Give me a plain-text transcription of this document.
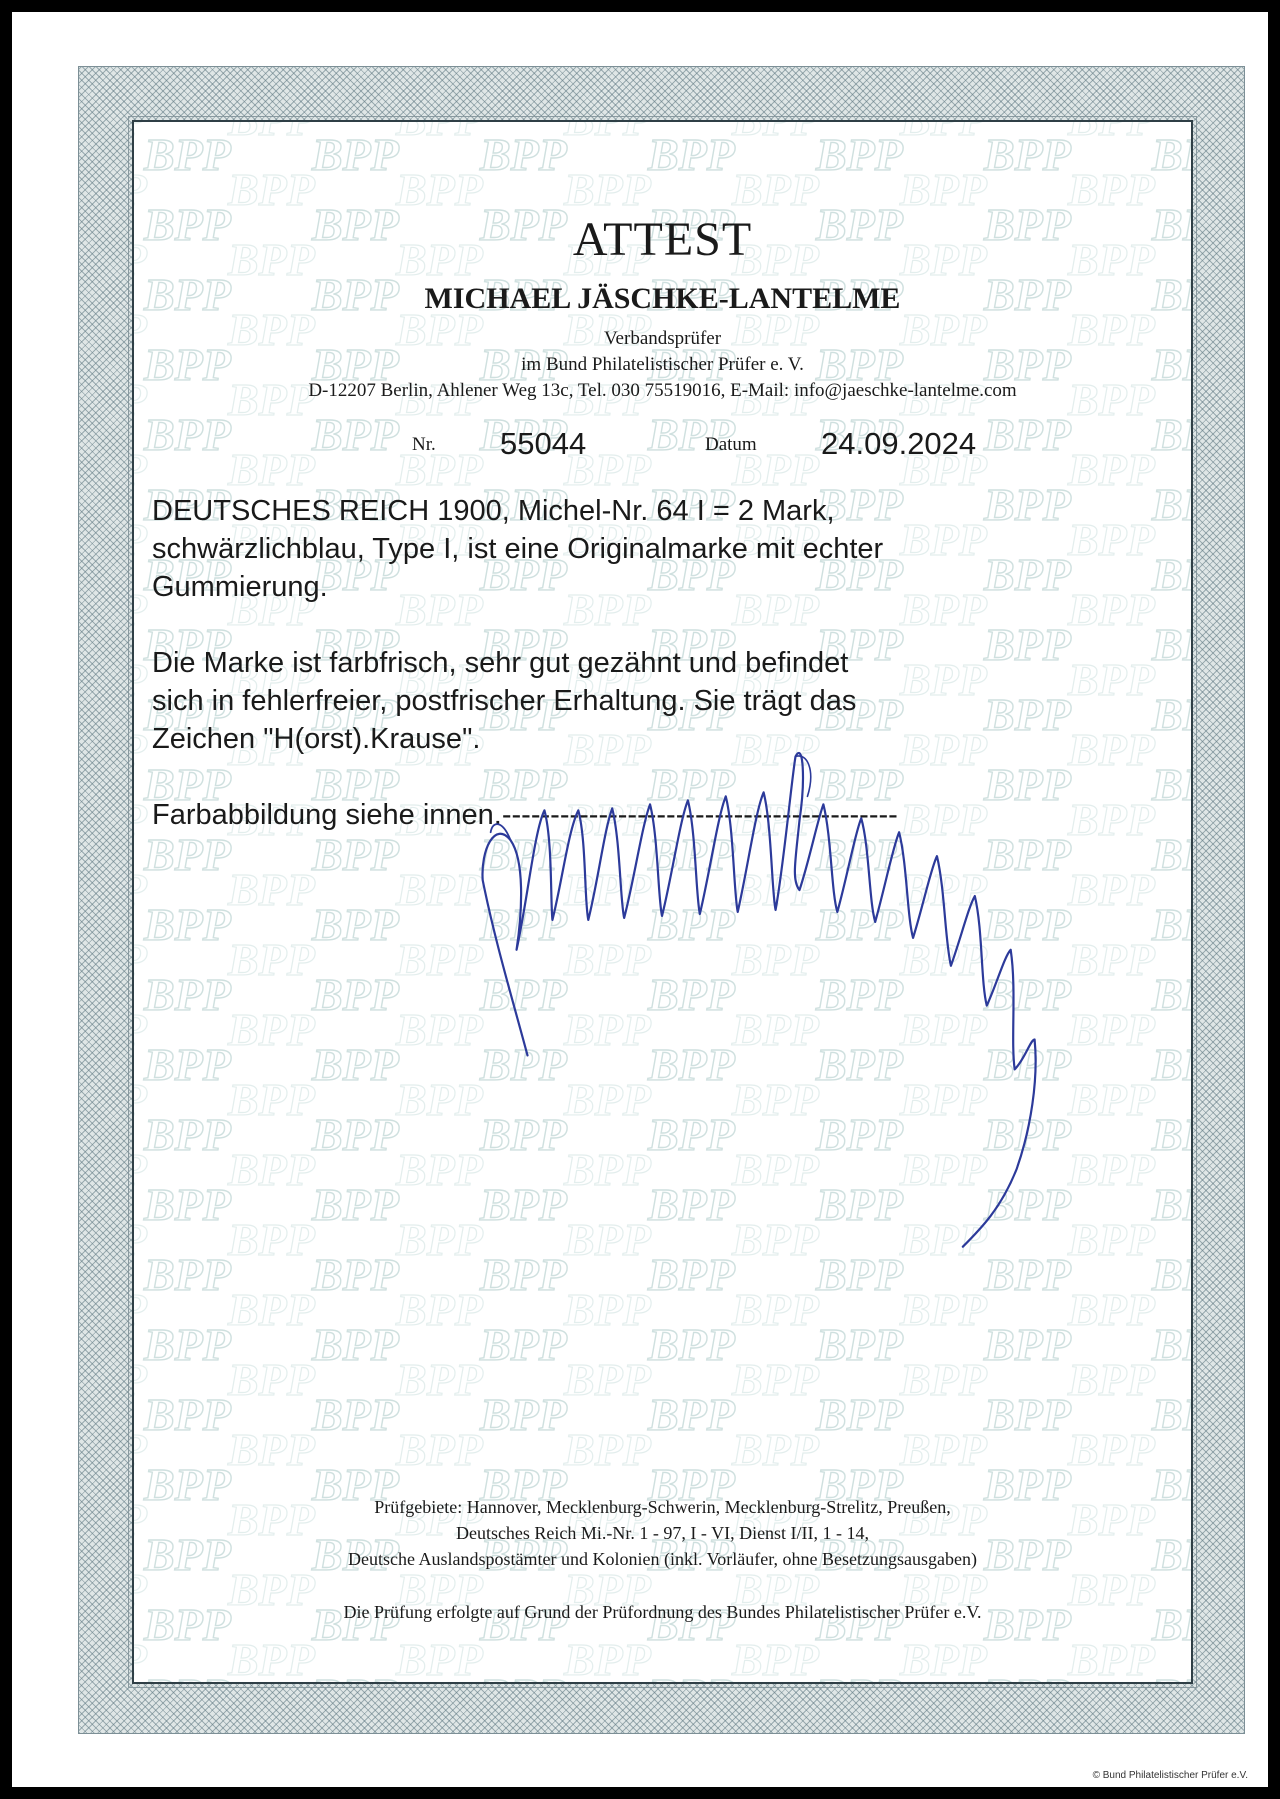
ATTEST
MICHAEL JÄSCHKE-LANTELME
Verbandsprüfer
im Bund Philatelistischer Prüfer e. V.
D-12207 Berlin, Ahlener Weg 13c, Tel. 030 75519016, E-Mail: info@jaeschke-lantelme.com
Nr. 55044	Datum 24.09.2024
DEUTSCHES REICH 1900, Michel-Nr. 64 I = 2 Mark,
schwärzlichblau, Type I, ist eine Originalmarke mit echter
Gummierung.
Die Marke ist farbfrisch, sehr gut gezähnt und befindet
sich in fehlerfreier, postfrischer Erhaltung. Sie trägt das
Zeichen "H(orst).Krause".
Farbabbildung siehe innen.-----------------------------------------
Prüfgebiete: Hannover, Mecklenburg-Schwerin, Mecklenburg-Strelitz, Preußen,
Deutsches Reich Mi.-Nr. 1 - 97, I - VI, Dienst I/II, 1 - 14,
Deutsche Auslandspostämter und Kolonien (inkl. Vorläufer, ohne Besetzungsausgaben)
Die Prüfung erfolgte auf Grund der Prüfordnung des Bundes Philatelistischer Prüfer e.V.
© Bund Philatelistischer Prüfer e.V.
